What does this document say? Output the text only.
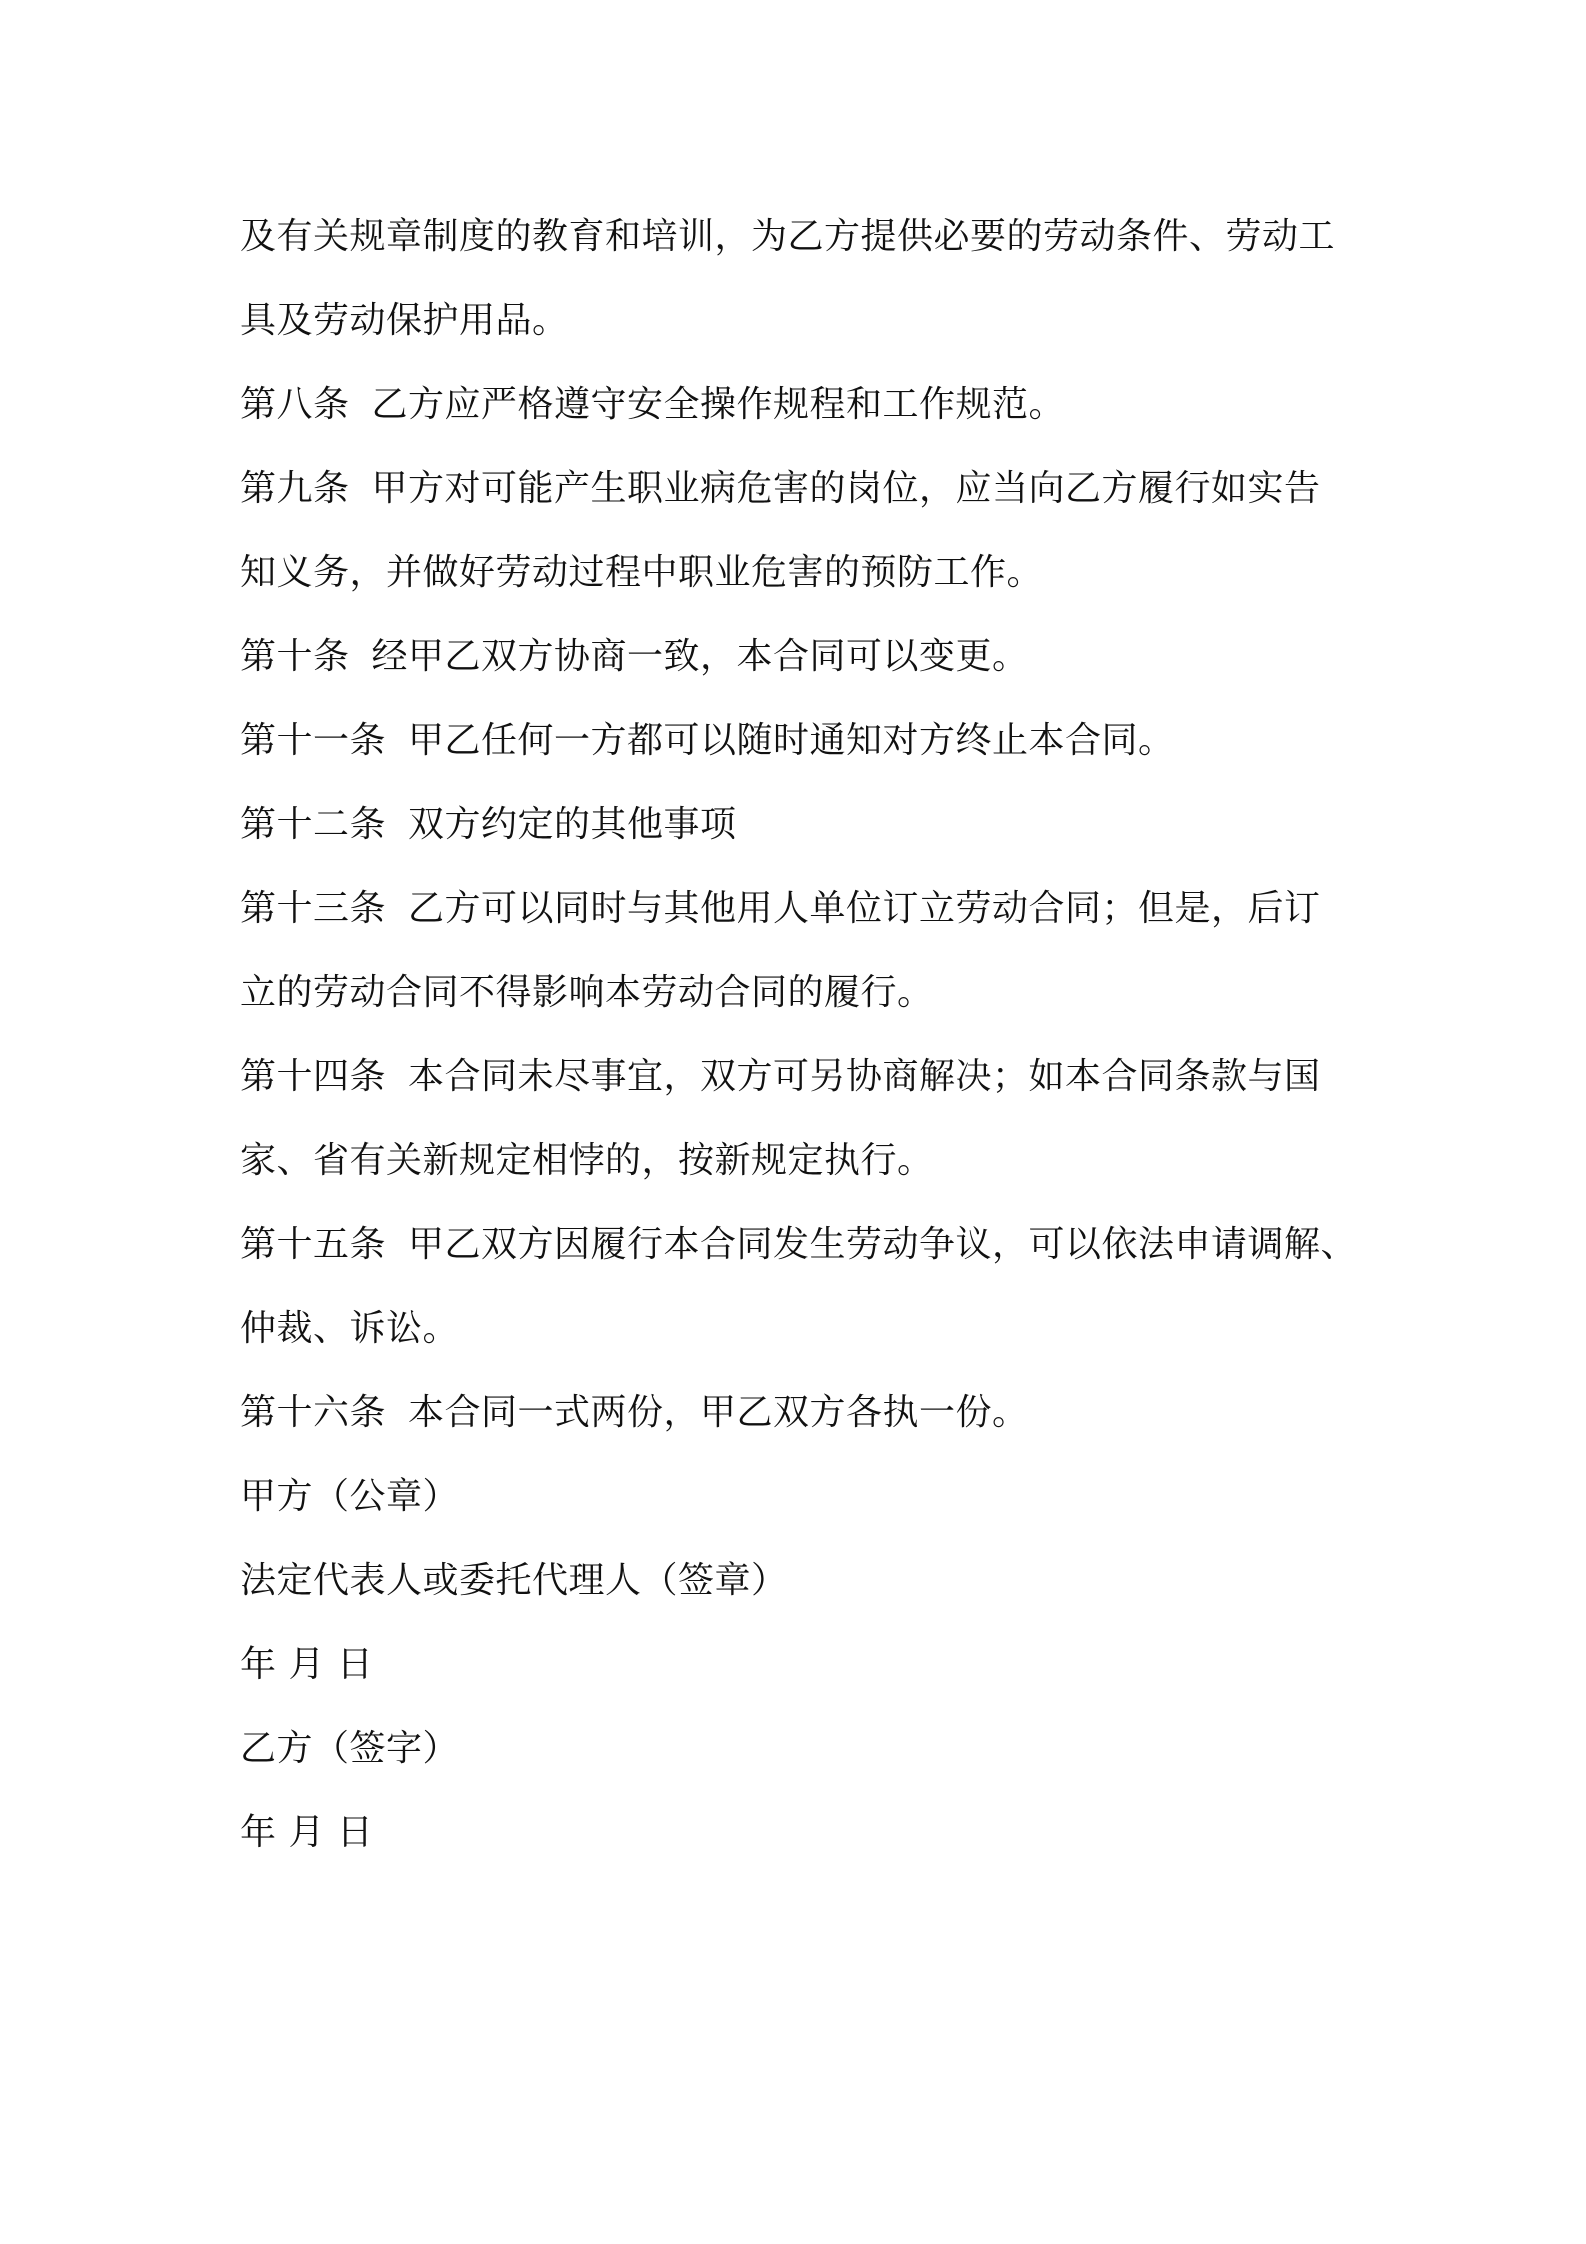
及有关规章制度的教育和培训，为乙方提供必要的劳动条件、劳动工
具及劳动保护用品。
第八条 乙方应严格遵守安全操作规程和工作规范。
第九条 甲方对可能产生职业病危害的岗位，应当向乙方履行如实告
知义务，并做好劳动过程中职业危害的预防工作。
第十条 经甲乙双方协商一致，本合同可以变更。
第十一条 甲乙任何一方都可以随时通知对方终止本合同。
第十二条 双方约定的其他事项
第十三条 乙方可以同时与其他用人单位订立劳动合同；但是，后订
立的劳动合同不得影响本劳动合同的履行。
第十四条 本合同未尽事宜，双方可另协商解决；如本合同条款与国
家、省有关新规定相悖的，按新规定执行。
第十五条 甲乙双方因履行本合同发生劳动争议，可以依法申请调解、
仲裁、诉讼。
第十六条 本合同一式两份，甲乙双方各执一份。
甲方（公章）
法定代表人或委托代理人（签章）
年 月 日
乙方（签字）
年 月 日
